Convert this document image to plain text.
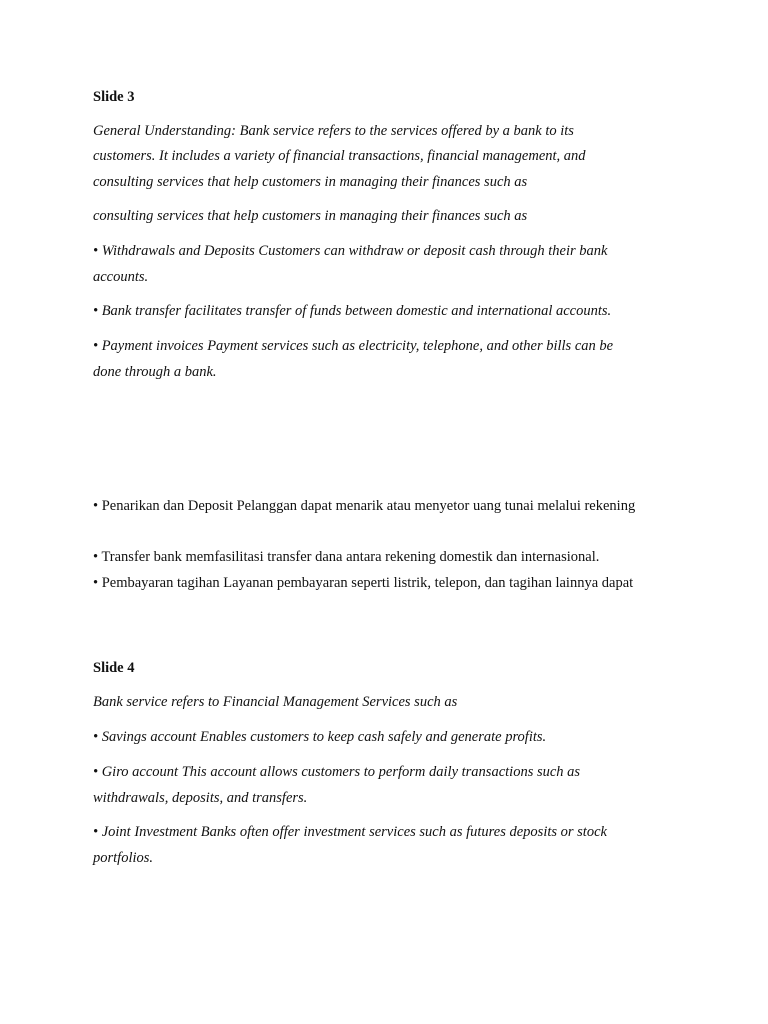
Slide 3
General Understanding: Bank service refers to the services offered by a bank to its
customers. It includes a variety of financial transactions, financial management, and
consulting services that help customers in managing their finances such as
consulting services that help customers in managing their finances such as
• Withdrawals and Deposits Customers can withdraw or deposit cash through their bank
accounts.
• Bank transfer facilitates transfer of funds between domestic and international accounts.
• Payment invoices Payment services such as electricity, telephone, and other bills can be
done through a bank.
• Penarikan dan Deposit Pelanggan dapat menarik atau menyetor uang tunai melalui rekening
• Transfer bank memfasilitasi transfer dana antara rekening domestik dan internasional.
• Pembayaran tagihan Layanan pembayaran seperti listrik, telepon, dan tagihan lainnya dapat
Slide 4
Bank service refers to Financial Management Services such as
• Savings account Enables customers to keep cash safely and generate profits.
• Giro account This account allows customers to perform daily transactions such as
withdrawals, deposits, and transfers.
• Joint Investment Banks often offer investment services such as futures deposits or stock
portfolios.
